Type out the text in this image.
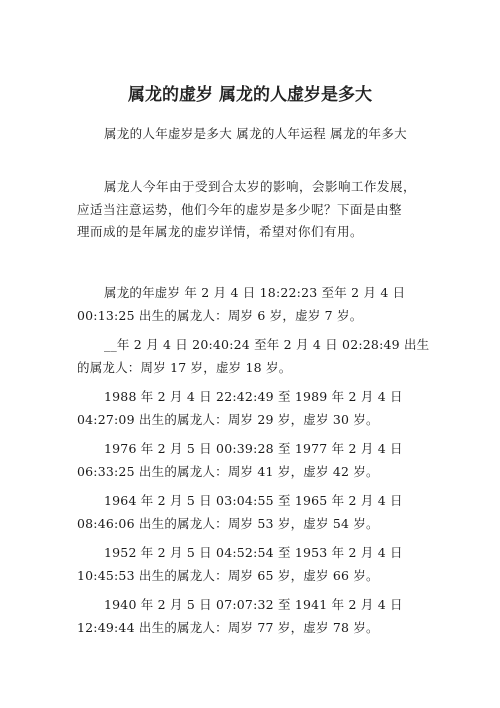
属龙的虚岁 属龙的人虚岁是多大

属龙的人年虚岁是多大 属龙的人年运程 属龙的年多大

属龙人今年由于受到合太岁的影响，会影响工作发展，
应适当注意运势，他们今年的虚岁是多少呢？下面是由整
理而成的是年属龙的虚岁详情，希望对你们有用。
属龙的年虚岁 年 2 月 4 日 18:22:23 至年 2 月 4 日
00:13:25 出生的属龙人：周岁 6 岁，虚岁 7 岁。
__年 2 月 4 日 20:40:24 至年 2 月 4 日 02:28:49 出生
的属龙人：周岁 17 岁，虚岁 18 岁。
1988 年 2 月 4 日 22:42:49 至 1989 年 2 月 4 日
04:27:09 出生的属龙人：周岁 29 岁，虚岁 30 岁。
1976 年 2 月 5 日 00:39:28 至 1977 年 2 月 4 日
06:33:25 出生的属龙人：周岁 41 岁，虚岁 42 岁。
1964 年 2 月 5 日 03:04:55 至 1965 年 2 月 4 日
08:46:06 出生的属龙人：周岁 53 岁，虚岁 54 岁。
1952 年 2 月 5 日 04:52:54 至 1953 年 2 月 4 日
10:45:53 出生的属龙人：周岁 65 岁，虚岁 66 岁。
1940 年 2 月 5 日 07:07:32 至 1941 年 2 月 4 日
12:49:44 出生的属龙人：周岁 77 岁，虚岁 78 岁。
